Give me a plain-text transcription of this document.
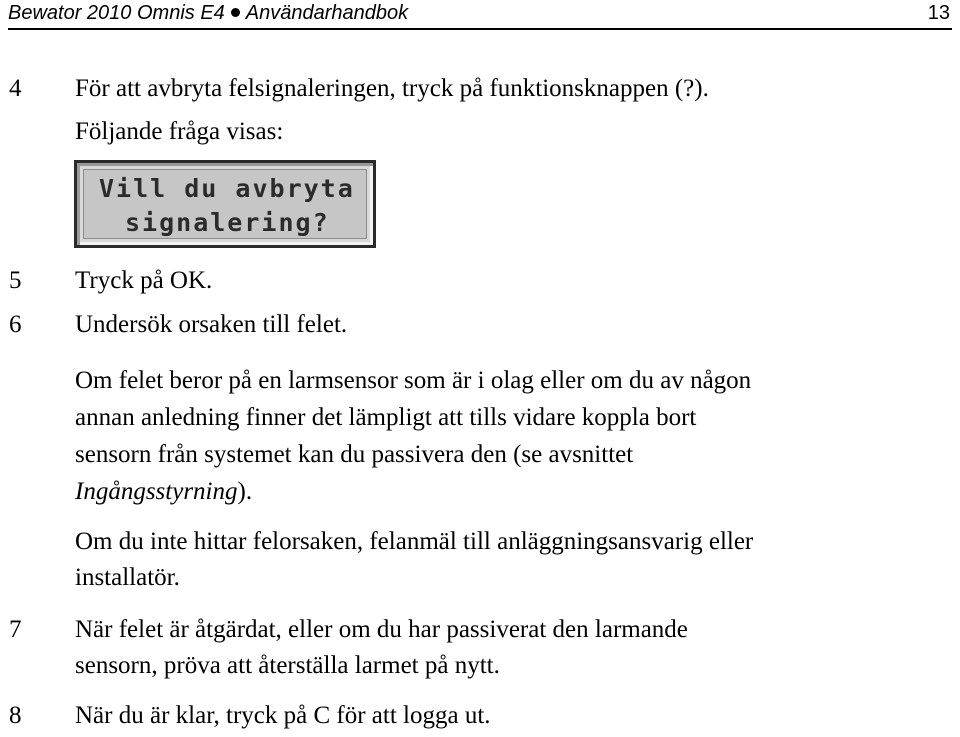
Bewator 2010 Omnis E4 Användarhandbok	13
4 För att avbryta felsignaleringen, tryck på funktionsknappen (?).
Följande fråga visas:
Vill du avbryta
signalering?
5 Tryck på OK.
6 Undersök orsaken till felet.
Om felet beror på en larmsensor som är i olag eller om du av någon
annan anledning finner det lämpligt att tills vidare koppla bort
sensorn från systemet kan du passivera den (se avsnittet
Ingångsstyrning).
Om du inte hittar felorsaken, felanmäl till anläggningsansvarig eller
installatör.
7 När felet är åtgärdat, eller om du har passiverat den larmande
sensorn, pröva att återställa larmet på nytt.
8 När du är klar, tryck på C för att logga ut.
